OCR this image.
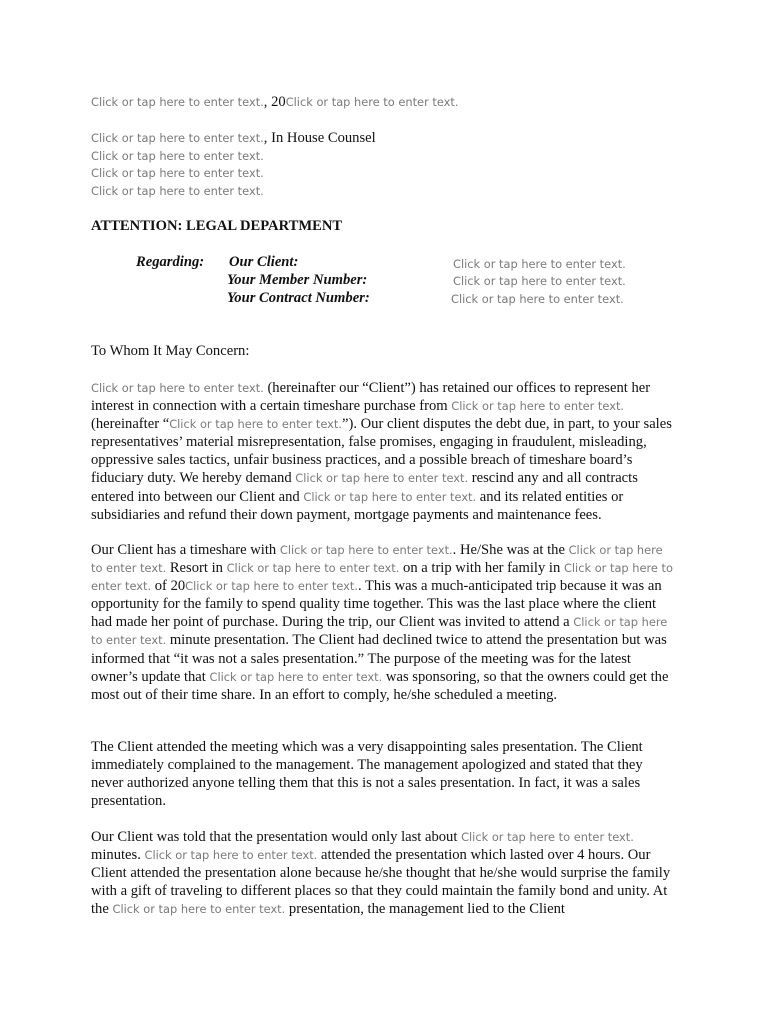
Click or tap here to enter text., 20Click or tap here to enter text.
Click or tap here to enter text., In House Counsel
Click or tap here to enter text.
Click or tap here to enter text.
Click or tap here to enter text.
ATTENTION: LEGAL DEPARTMENT
Regarding: Our Client:
Your Member Number:
Your Contract Number:
Click or tap here to enter text.
Click or tap here to enter text.
Click or tap here to enter text.
To Whom It May Concern:

Click or tap here to enter text. (hereinafter our “Client”) has retained our offices to represent her interest in connection with a certain timeshare purchase from Click or tap here to enter text. (hereinafter “Click or tap here to enter text.”). Our client disputes the debt due, in part, to your sales representatives’ material misrepresentation, false promises, engaging in fraudulent, misleading, oppressive sales tactics, unfair business practices, and a possible breach of timeshare board’s fiduciary duty. We hereby demand Click or tap here to enter text. rescind any and all contracts entered into between our Client and Click or tap here to enter text. and its related entities or subsidiaries and refund their down payment, mortgage payments and maintenance fees.

Our Client has a timeshare with Click or tap here to enter text.. He/She was at the Click or tap here to enter text. Resort in Click or tap here to enter text. on a trip with her family in Click or tap here to enter text. of 20Click or tap here to enter text.. This was a much-anticipated trip because it was an opportunity for the family to spend quality time together. This was the last place where the client had made her point of purchase. During the trip, our Client was invited to attend a Click or tap here to enter text. minute presentation. The Client had declined twice to attend the presentation but was informed that “it was not a sales presentation.” The purpose of the meeting was for the latest owner’s update that Click or tap here to enter text. was sponsoring, so that the owners could get the most out of their time share. In an effort to comply, he/she scheduled a meeting.

The Client attended the meeting which was a very disappointing sales presentation. The Client immediately complained to the management. The management apologized and stated that they never authorized anyone telling them that this is not a sales presentation. In fact, it was a sales presentation.

Our Client was told that the presentation would only last about Click or tap here to enter text. minutes. Click or tap here to enter text. attended the presentation which lasted over 4 hours. Our Client attended the presentation alone because he/she thought that he/she would surprise the family with a gift of traveling to different places so that they could maintain the family bond and unity. At the Click or tap here to enter text. presentation, the management lied to the Client
